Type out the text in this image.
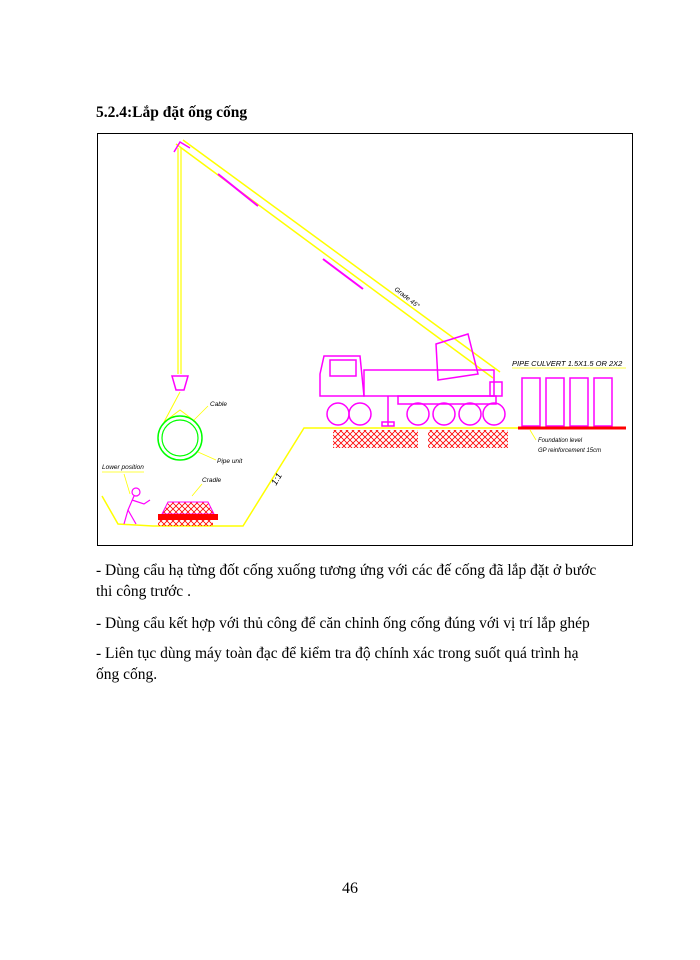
5.2.4:Lắp đặt ống cống
1:1
Cable
Pipe unit
Grade 45°
PIPE CULVERT 1.5X1.5 OR 2X2
Foundation level
GP reinforcement 15cm
Lower position
Cradle
- Dùng cẩu hạ từng đốt cống xuống tương ứng với các đế cống đã lắp đặt ở bước
thi công trước .
- Dùng cẩu kết hợp với thủ công để căn chỉnh ống cống đúng với vị trí lắp ghép
- Liên tục dùng máy toàn đạc để kiểm tra độ chính xác trong suốt quá trình hạ
ống cống.
46
